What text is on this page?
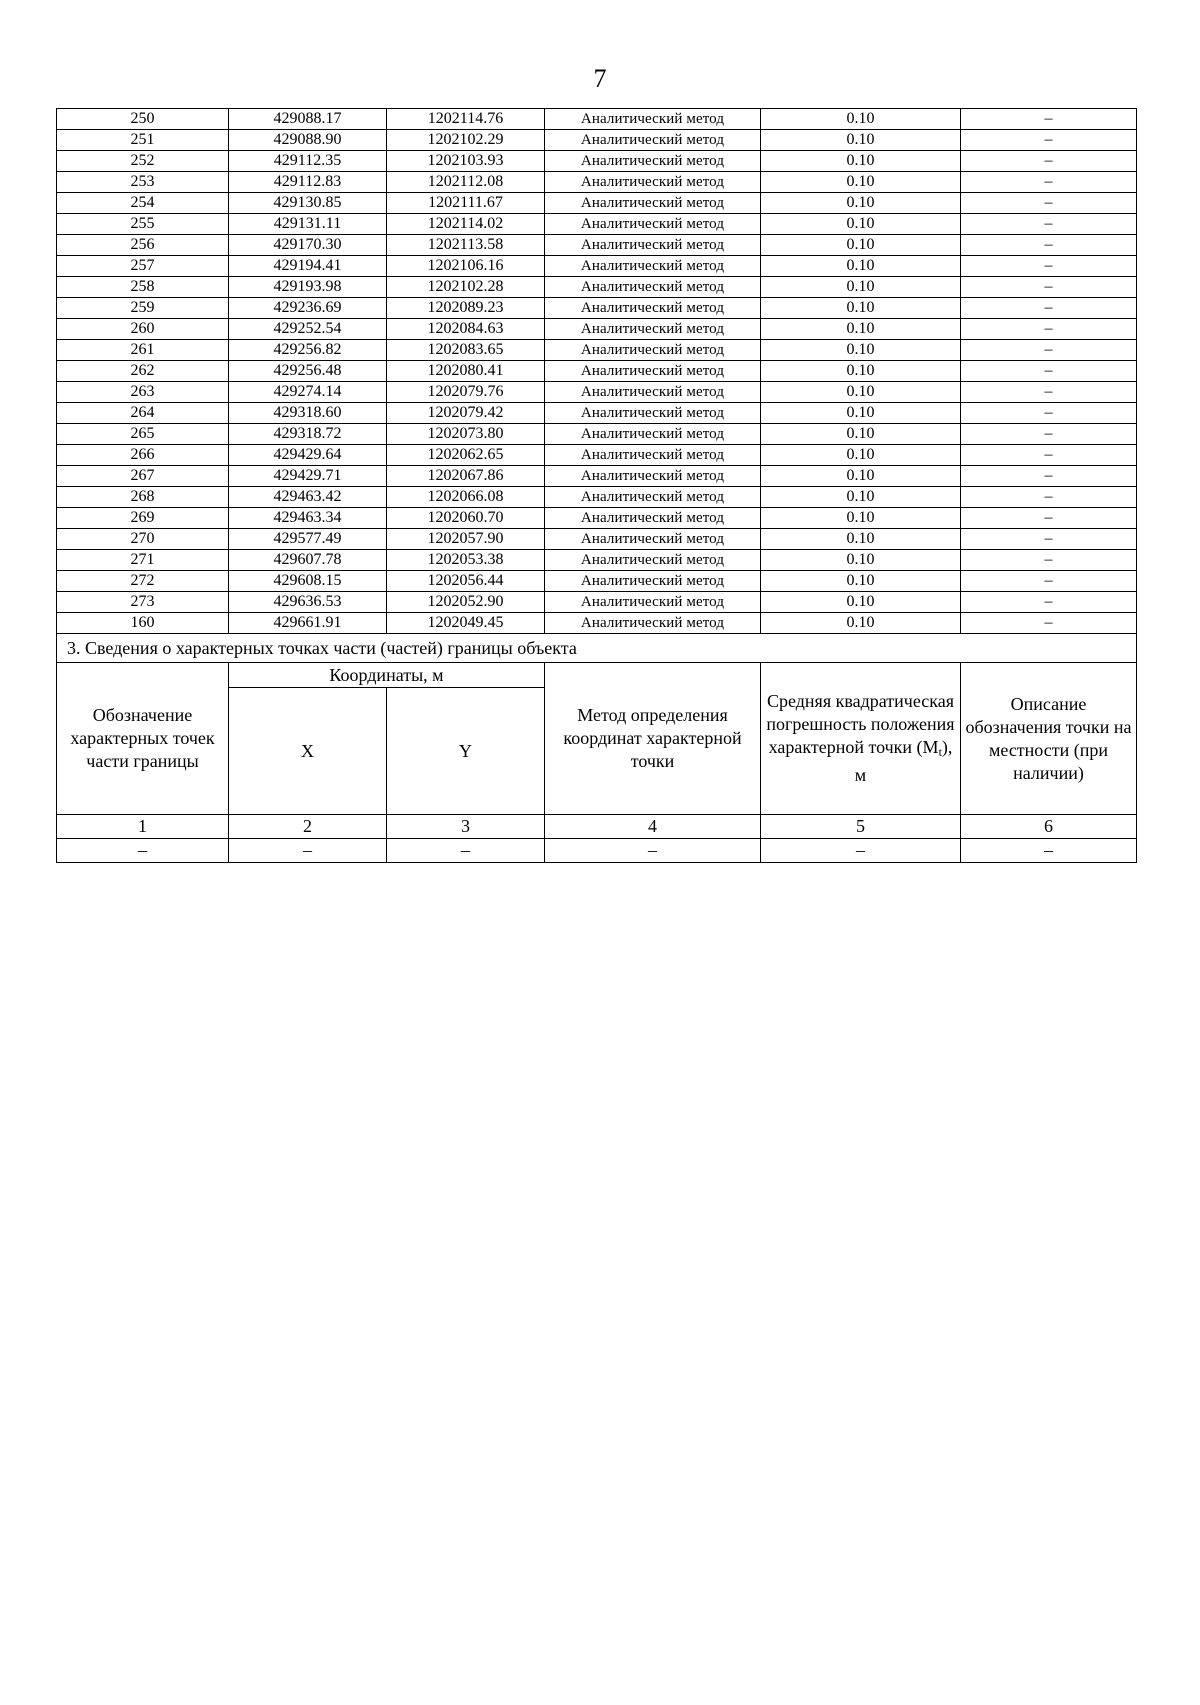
7
250	429088.17	1202114.76	Аналитический метод	0.10	–
251	429088.90	1202102.29	Аналитический метод	0.10	–
252	429112.35	1202103.93	Аналитический метод	0.10	–
253	429112.83	1202112.08	Аналитический метод	0.10	–
254	429130.85	1202111.67	Аналитический метод	0.10	–
255	429131.11	1202114.02	Аналитический метод	0.10	–
256	429170.30	1202113.58	Аналитический метод	0.10	–
257	429194.41	1202106.16	Аналитический метод	0.10	–
258	429193.98	1202102.28	Аналитический метод	0.10	–
259	429236.69	1202089.23	Аналитический метод	0.10	–
260	429252.54	1202084.63	Аналитический метод	0.10	–
261	429256.82	1202083.65	Аналитический метод	0.10	–
262	429256.48	1202080.41	Аналитический метод	0.10	–
263	429274.14	1202079.76	Аналитический метод	0.10	–
264	429318.60	1202079.42	Аналитический метод	0.10	–
265	429318.72	1202073.80	Аналитический метод	0.10	–
266	429429.64	1202062.65	Аналитический метод	0.10	–
267	429429.71	1202067.86	Аналитический метод	0.10	–
268	429463.42	1202066.08	Аналитический метод	0.10	–
269	429463.34	1202060.70	Аналитический метод	0.10	–
270	429577.49	1202057.90	Аналитический метод	0.10	–
271	429607.78	1202053.38	Аналитический метод	0.10	–
272	429608.15	1202056.44	Аналитический метод	0.10	–
273	429636.53	1202052.90	Аналитический метод	0.10	–
160	429661.91	1202049.45	Аналитический метод	0.10	–
3. Сведения о характерных точках части (частей) границы объекта					
Обозначение характерных точек части границы	Координаты, м		Метод определения координат характерной точки	Средняя квадратическая погрешность положения характерной точки $(M_t)$, м	Описание обозначения точки на местности (при наличии)
	X	Y			
1	2	3	4	5	6
–	–	–	–	–	–
